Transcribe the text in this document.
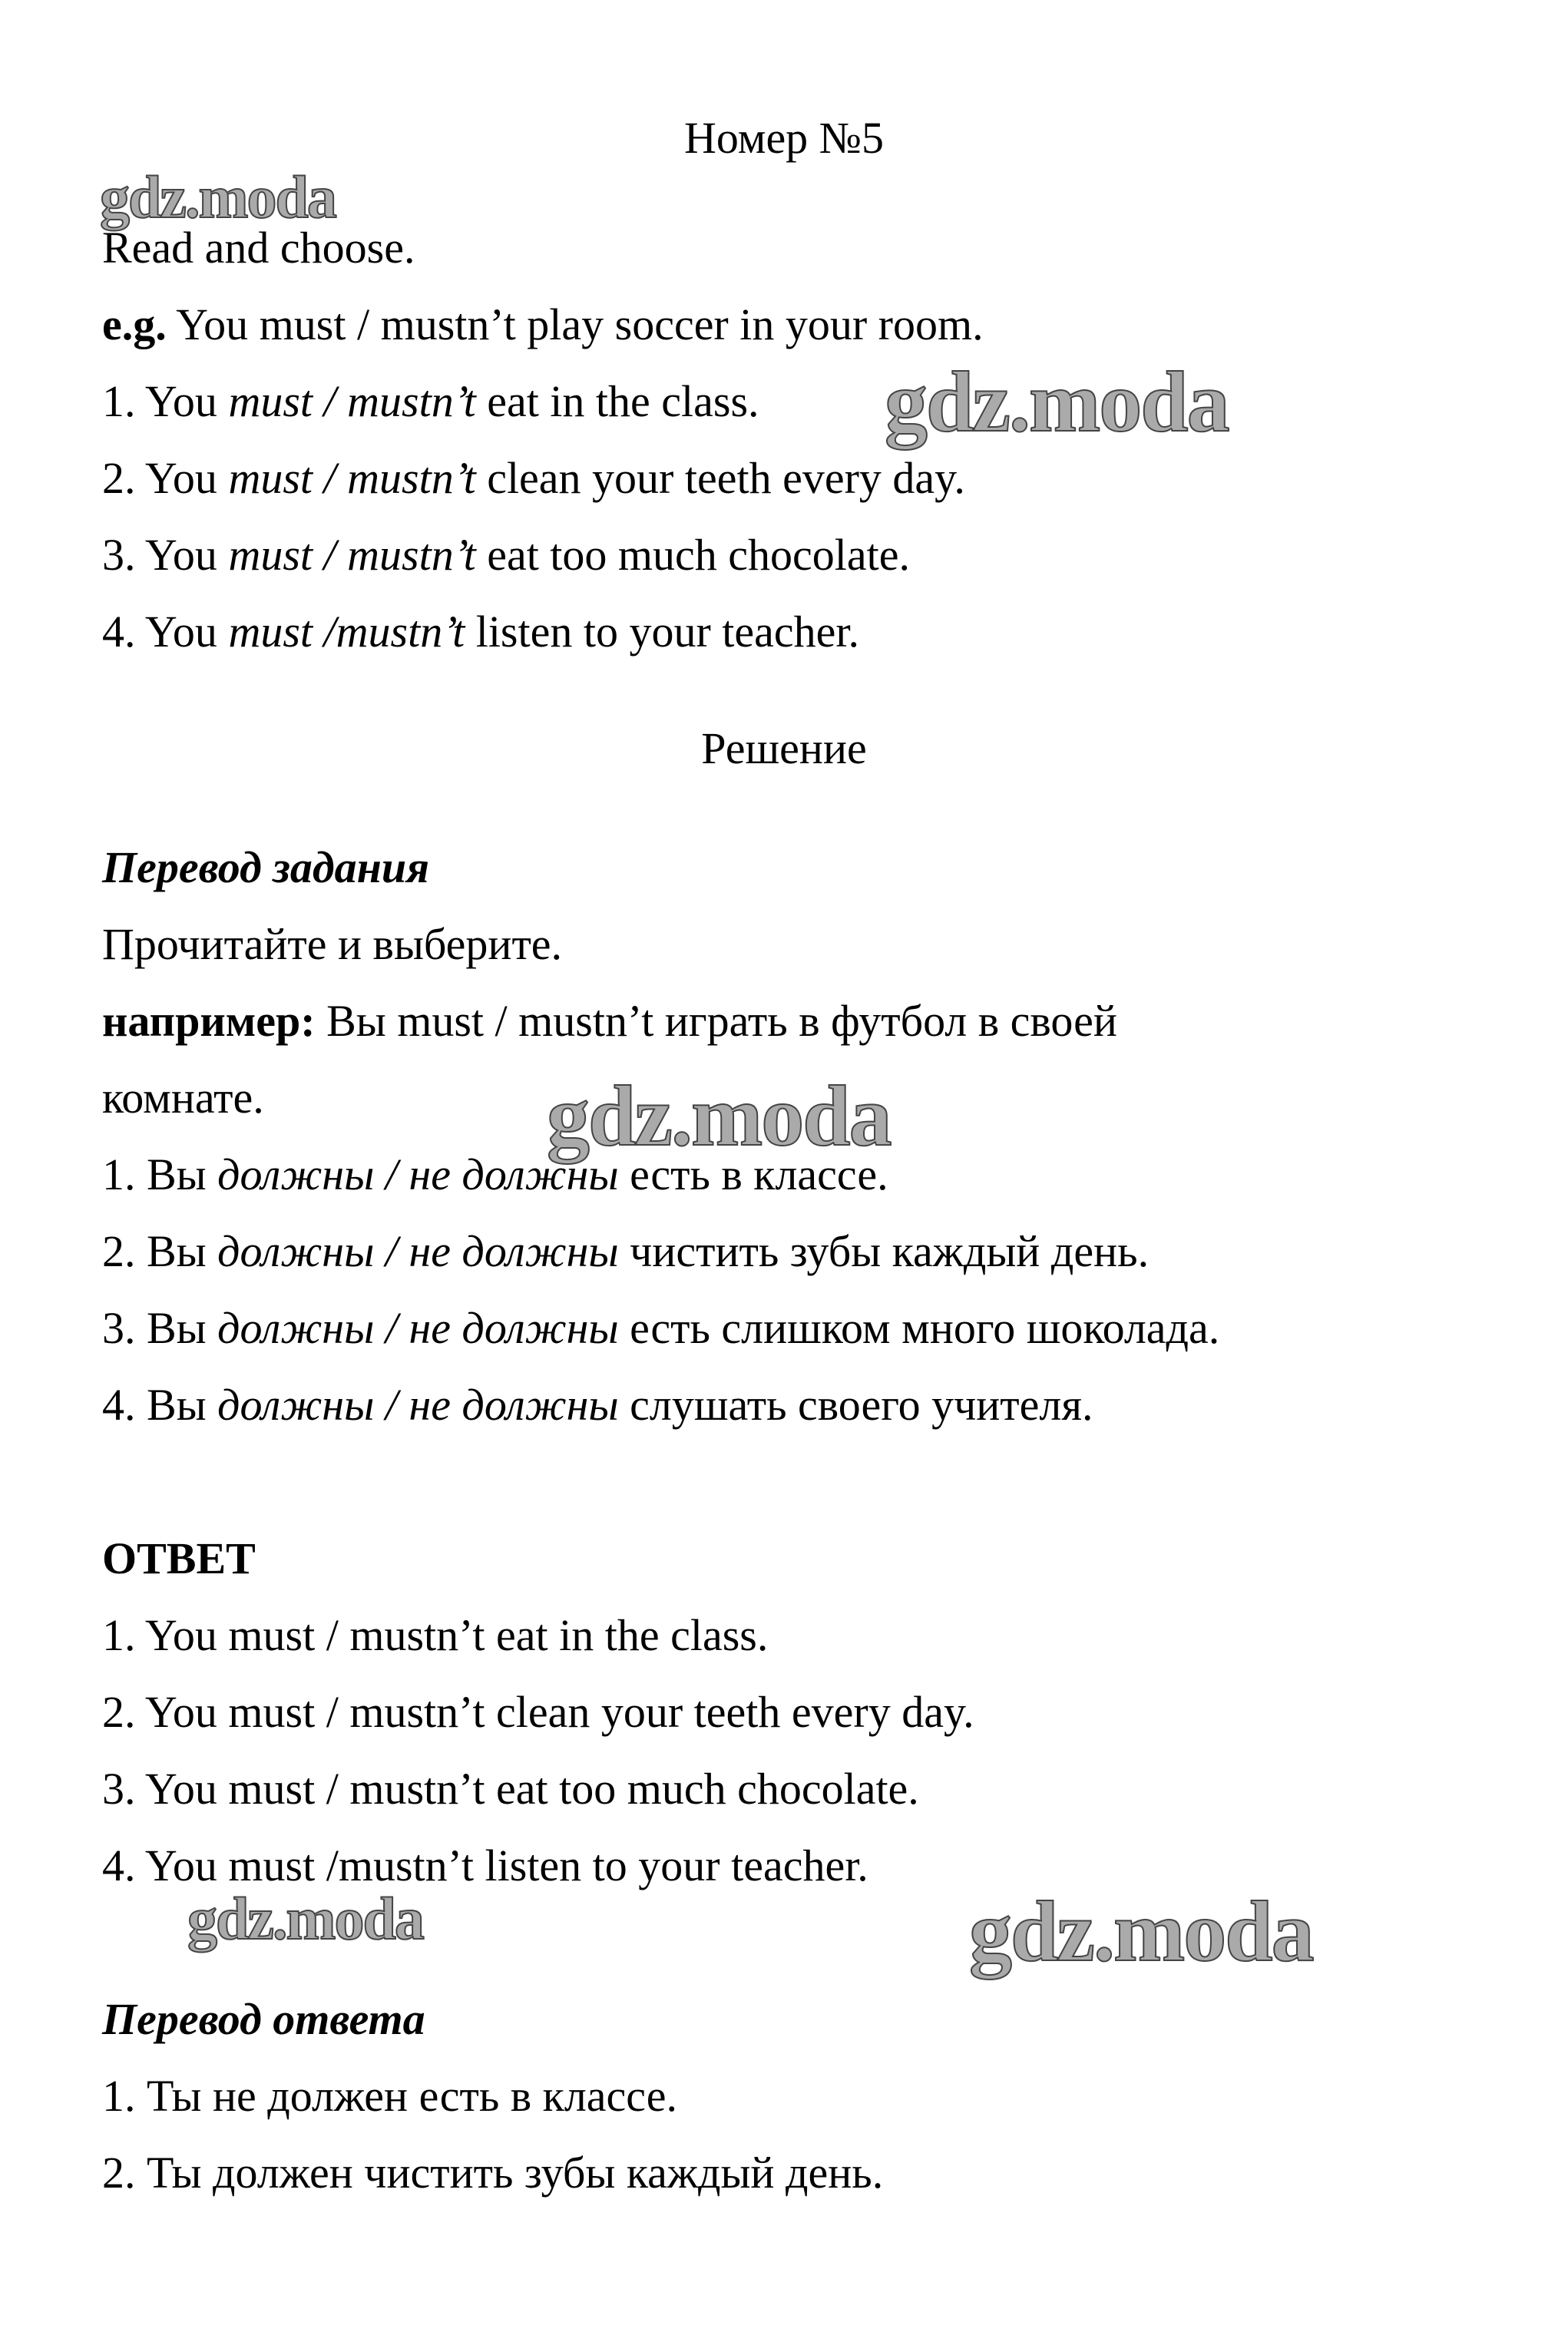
Номер №5
Read and choose.
e.g. You must / mustn’t play soccer in your room.
1. You must / mustn’t eat in the class.
2. You must / mustn’t clean your teeth every day.
3. You must / mustn’t eat too much chocolate.
4. You must /mustn’t listen to your teacher.
Решение
Перевод задания
Прочитайте и выберите.
например: Вы must / mustn’t играть в футбол в своей
комнате.
1. Вы должны / не должны есть в классе.
2. Вы должны / не должны чистить зубы каждый день.
3. Вы должны / не должны есть слишком много шоколада.
4. Вы должны / не должны слушать своего учителя.
ОТВЕТ
1. You must / mustn’t eat in the class.
2. You must / mustn’t clean your teeth every day.
3. You must / mustn’t eat too much chocolate.
4. You must /mustn’t listen to your teacher.
Перевод ответа
1. Ты не должен есть в классе.
2. Ты должен чистить зубы каждый день.
gdz.moda
gdz.moda
gdz.moda
gdz.moda	gdz.moda
